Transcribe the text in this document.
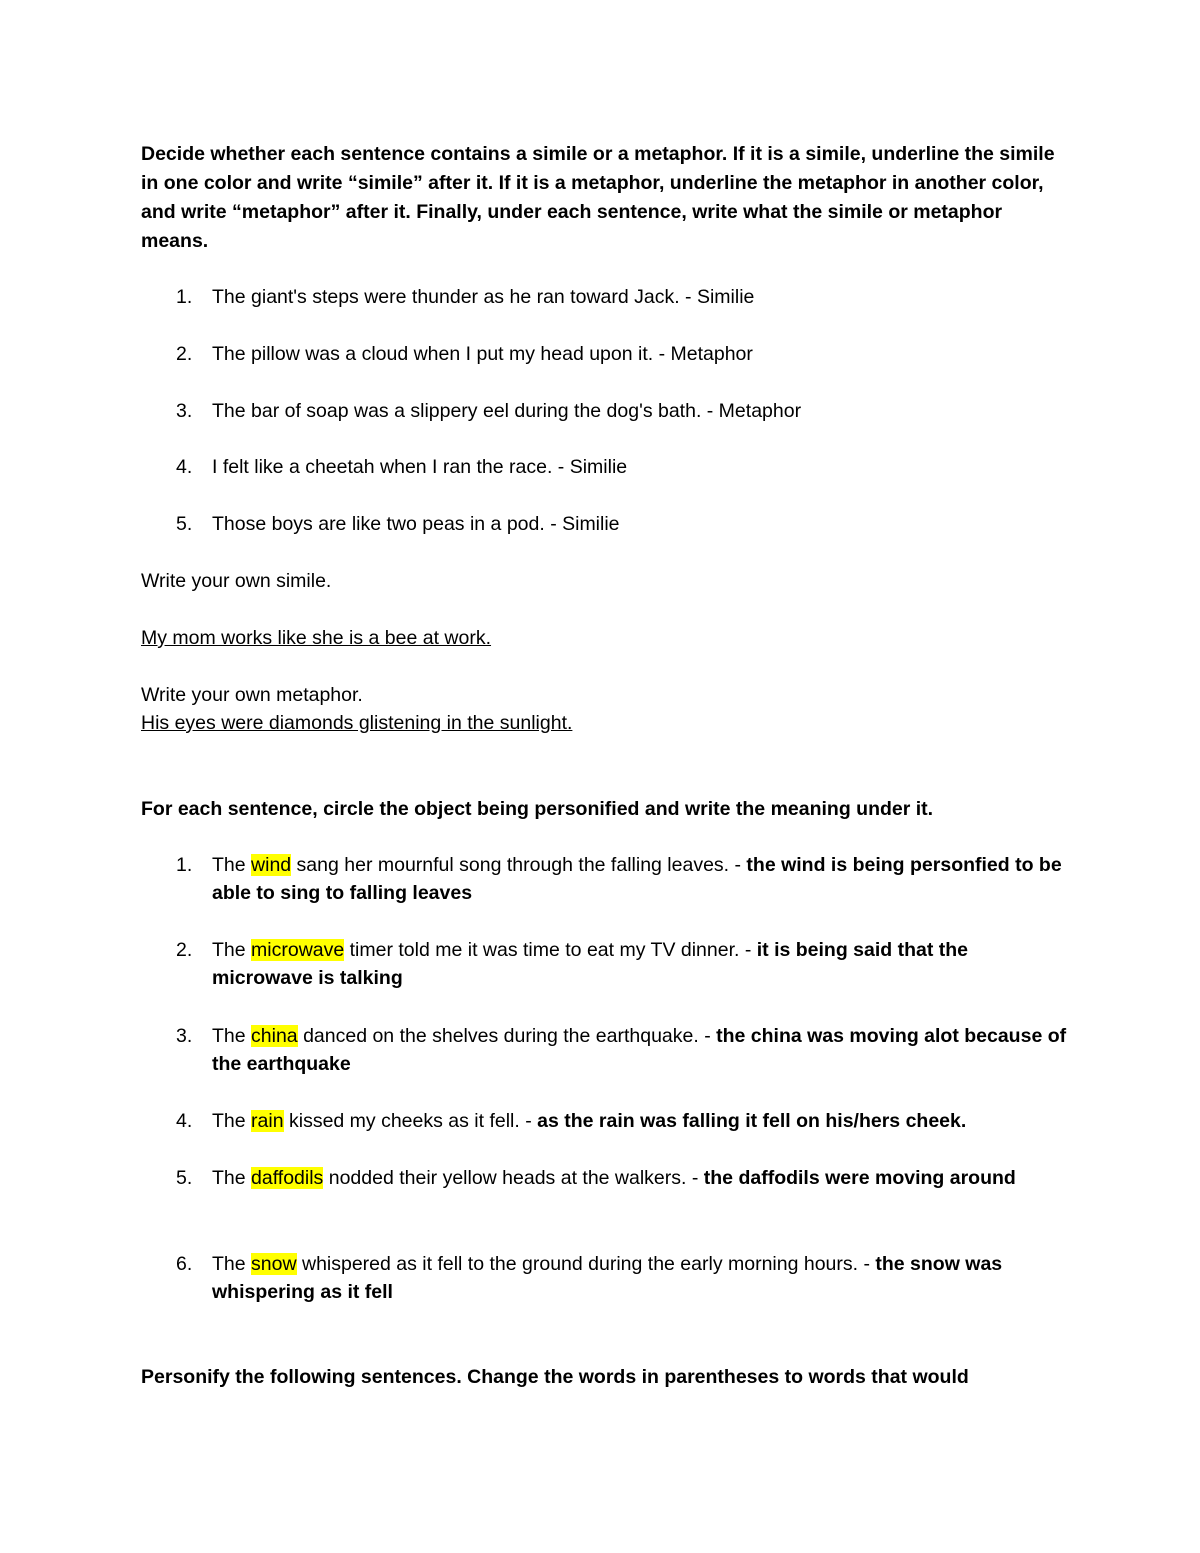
Decide whether each sentence contains a simile or a metaphor. If it is a simile, underline the simile in one color and write “simile” after it. If it is a metaphor, underline the metaphor in another color, and write “metaphor” after it. Finally, under each sentence, write what the simile or metaphor means.
1.	The giant's steps were thunder as he ran toward Jack. - Similie
2.	The pillow was a cloud when I put my head upon it. - Metaphor
3.	The bar of soap was a slippery eel during the dog's bath. - Metaphor
4.	I felt like a cheetah when I ran the race. - Similie
5.	Those boys are like two peas in a pod. - Similie
Write your own simile.
My mom works like she is a bee at work.
Write your own metaphor.
His eyes were diamonds glistening in the sunlight.
For each sentence, circle the object being personified and write the meaning under it.
1.	The wind sang her mournful song through the falling leaves. - the wind is being personfied to be able to sing to falling leaves
2.	The microwave timer told me it was time to eat my TV dinner. - it is being said that the microwave is talking
3.	The china danced on the shelves during the earthquake. - the china was moving alot because of the earthquake
4.	The rain kissed my cheeks as it fell. - as the rain was falling it fell on his/hers cheek.
5.	The daffodils nodded their yellow heads at the walkers. - the daffodils were moving around
6.	The snow whispered as it fell to the ground during the early morning hours. - the snow was whispering as it fell
Personify the following sentences. Change the words in parentheses to words that would
